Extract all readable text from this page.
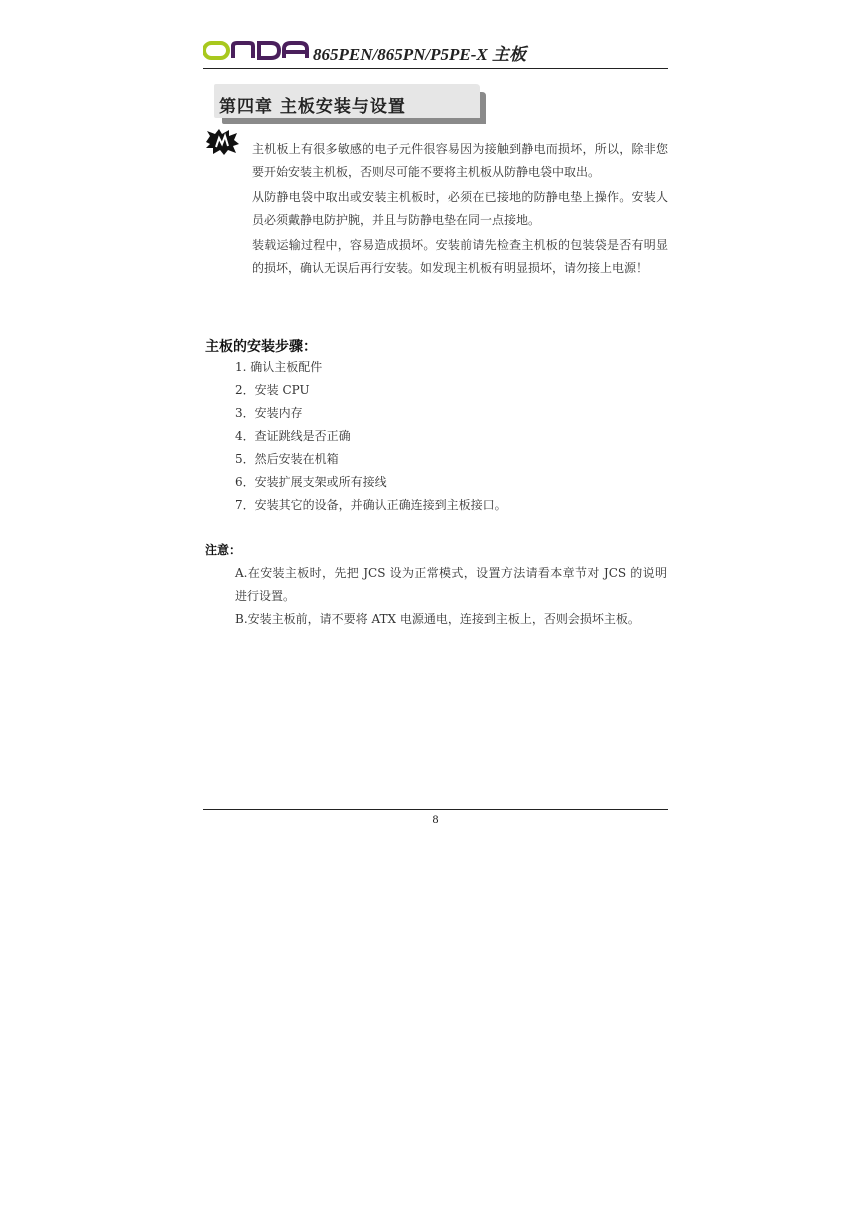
865PEN/865PN/P5PE-X 主板
第四章 主板安装与设置

主机板上有很多敏感的电子元件很容易因为接触到静电而损坏，所以，除非您要开始安装主机板，否则尽可能不要将主机板从防静电袋中取出。

从防静电袋中取出或安装主机板时，必须在已接地的防静电垫上操作。安装人员必须戴静电防护腕，并且与防静电垫在同一点接地。

装载运输过程中，容易造成损坏。安装前请先检查主机板的包装袋是否有明显的损坏，确认无误后再行安装。如发现主机板有明显损坏，请勿接上电源！

主板的安装步骤：
1. 确认主板配件
2．安装 CPU
3．安装内存
4．查证跳线是否正确
5．然后安装在机箱
6．安装扩展支架或所有接线
7．安装其它的设备，并确认正确连接到主板接口。
注意：

A.在安装主板时，先把 JCS 设为正常模式，设置方法请看本章节对 JCS 的说明进行设置。

B.安装主板前，请不要将 ATX 电源通电，连接到主板上，否则会损坏主板。

8
